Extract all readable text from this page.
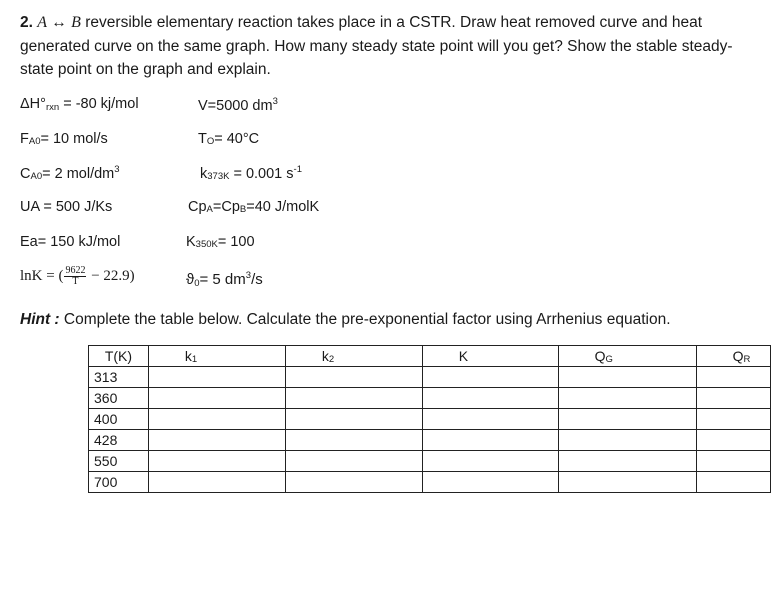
2. A ↔ B reversible elementary reaction takes place in a CSTR. Draw heat removed curve and heat generated curve on the same graph. How many steady state point will you get? Show the stable steady-state point on the graph and explain.
$\Delta H^\circ_{rxn} = -80$ kj/mol	V=5000 $dm^3$
FA0= 10 mol/s	TO= 40°C
CA0= 2 mol/$dm^3$	k373K = 0.001 $s^{-1}$
UA = 500 J/Ks	CpA=CpB=40 J/molK
Ea= 150 kJ/mol	K350K= 100
lnK = ( $\frac{9622}{T} - 22.9$)	$ϑ_0= 5$ $dm^3/s$
Hint : Complete the table below. Calculate the pre-exponential factor using Arrhenius equation.
T(K)	k1	k2	K	QG	QR
313					
360					
400					
428					
550					
700					
